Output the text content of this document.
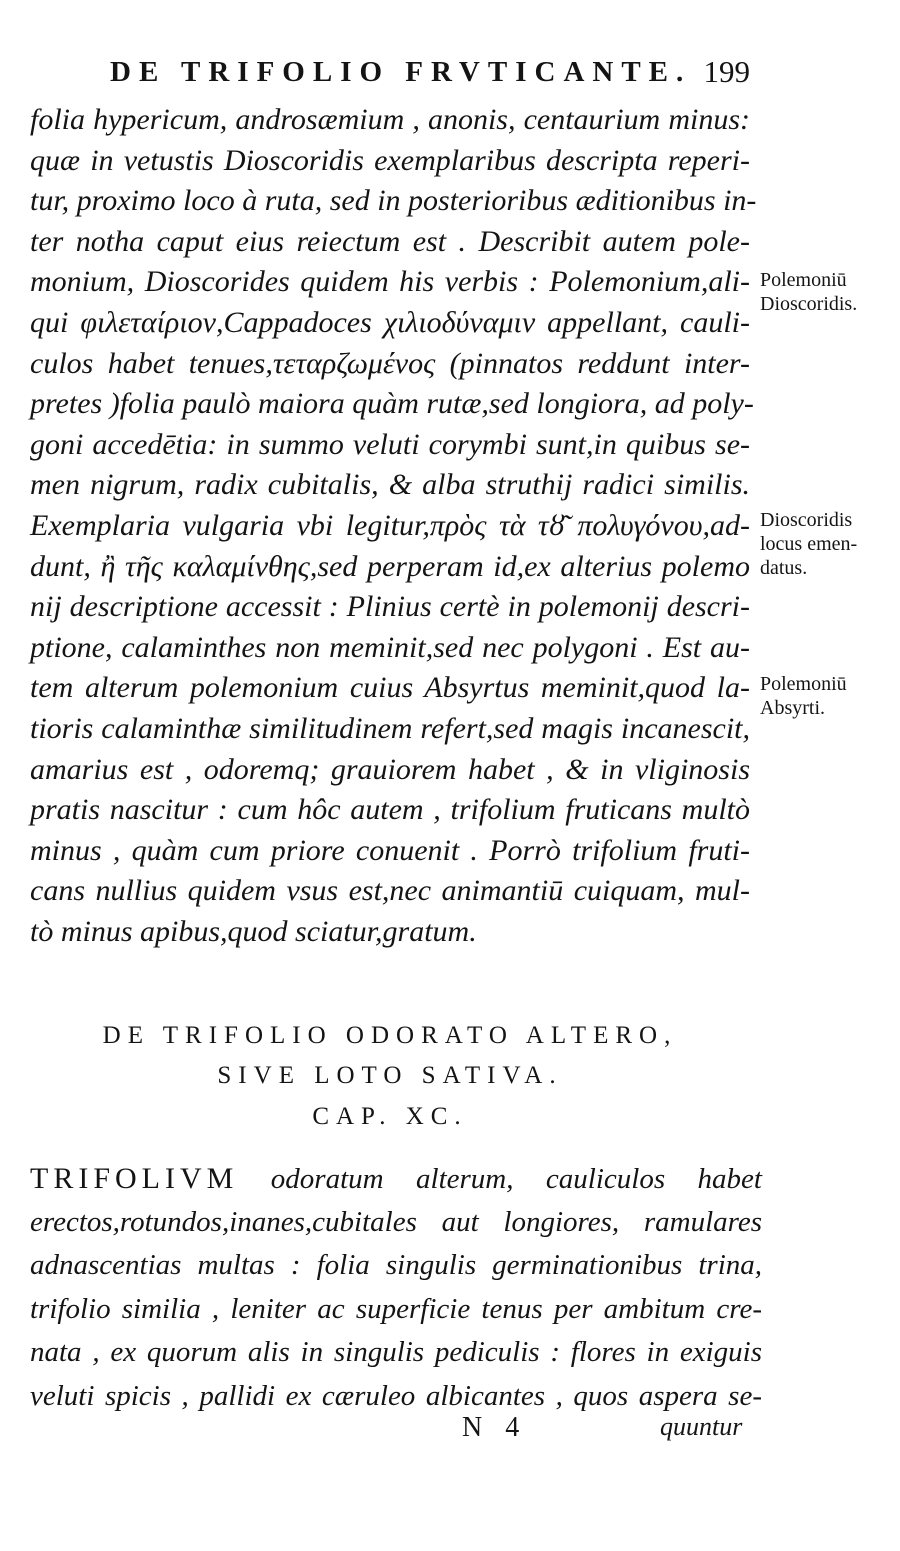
DE TRIFOLIO FRVTICANTE. 199
folia hypericum, androsæmium , anonis, centaurium minus:
quæ in vetustis Dioscoridis exemplaribus descripta reperi-
tur, proximo loco à ruta, sed in posterioribus æditionibus in-
ter notha caput eius reiectum est . Describit autem pole-
monium, Dioscorides quidem his verbis : Polemonium,ali-
qui φιλεταίριον,Cappadoces χιλιοδύναμιν appellant, cauli-
culos habet tenues,τεταρζωμένος (pinnatos reddunt inter-
pretes )folia paulò maiora quàm rutæ,sed longiora, ad poly-
goni accedētia: in summo veluti corymbi sunt,in quibus se-
men nigrum, radix cubitalis, & alba struthij radici similis.
Exemplaria vulgaria vbi legitur,πρὸς τὰ τȣ͂ πολυγόνου,ad-
dunt, ἢ τῆς καλαμίνθης,sed perperam id,ex alterius polemo
nij descriptione accessit : Plinius certè in polemonij descri-
ptione, calaminthes non meminit,sed nec polygoni . Est au-
tem alterum polemonium cuius Absyrtus meminit,quod la-
tioris calaminthæ similitudinem refert,sed magis incanescit,
amarius est , odoremq; grauiorem habet , & in vliginosis
pratis nascitur : cum hôc autem , trifolium fruticans multò
minus , quàm cum priore conuenit . Porrò trifolium fruti-
cans nullius quidem vsus est,nec animantiū cuiquam, mul-
tò minus apibus,quod sciatur,gratum.
Polemoniū
Dioscoridis.
Dioscoridis
locus emen-
datus.
Polemoniū
Absyrti.
DE TRIFOLIO ODORATO ALTERO,
SIVE LOTO SATIVA.
CAP. XC.
TRIFOLIVM odoratum alterum, cauliculos habet
erectos,rotundos,inanes,cubitales aut longiores, ramulares
adnascentias multas : folia singulis germinationibus trina,
trifolio similia , leniter ac superficie tenus per ambitum cre-
nata , ex quorum alis in singulis pediculis : flores in exiguis
veluti spicis , pallidi ex cæruleo albicantes , quos aspera se-
N 4	quuntur
